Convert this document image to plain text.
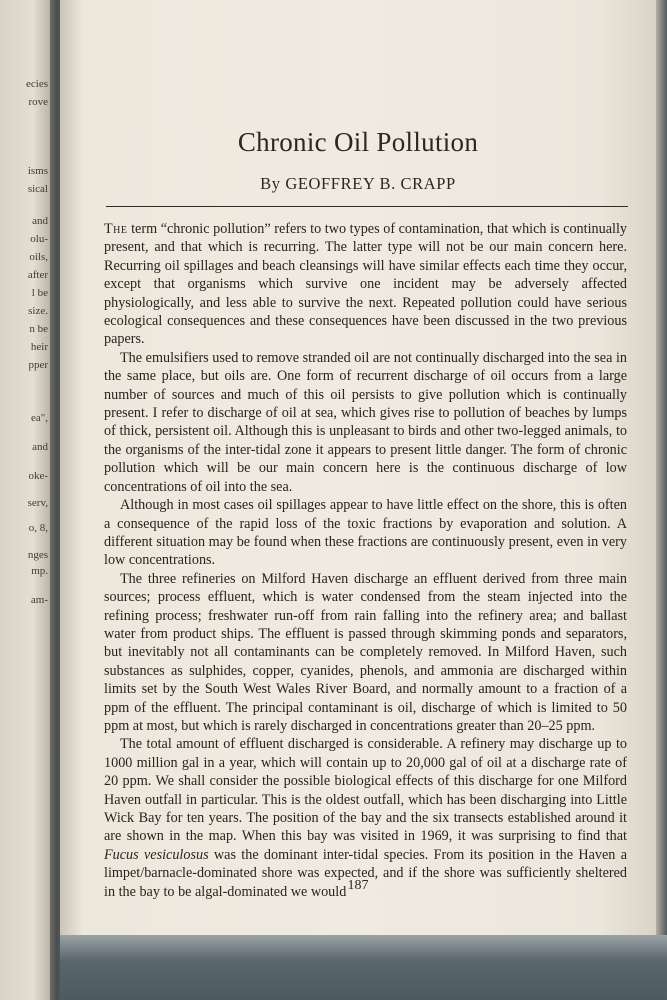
ecies
rove
isms
sical
and
olu-
oils,
after
l be
size.
n be
heir
pper
ea",
and
oke-
serv,
o, 8,
nges
mp.
am-
Chronic Oil Pollution
By GEOFFREY B. CRAPP

The term “chronic pollution” refers to two types of contamination, that which is continually present, and that which is recurring. The latter type will not be our main concern here. Recurring oil spillages and beach cleansings will have similar effects each time they occur, except that organisms which survive one incident may be adversely affected physiologically, and less able to survive the next. Repeated pollution could have serious ecological consequences and these consequences have been discussed in the two previous papers.

The emulsifiers used to remove stranded oil are not continually discharged into the sea in the same place, but oils are. One form of recurrent discharge of oil occurs from a large number of sources and much of this oil persists to give pollution which is continually present. I refer to discharge of oil at sea, which gives rise to pollution of beaches by lumps of thick, persistent oil. Although this is unpleasant to birds and other two-legged animals, to the organisms of the inter-tidal zone it appears to present little danger. The form of chronic pollution which will be our main concern here is the continuous discharge of low concentrations of oil into the sea.

Although in most cases oil spillages appear to have little effect on the shore, this is often a consequence of the rapid loss of the toxic fractions by evaporation and solution. A different situation may be found when these fractions are continuously present, even in very low concentrations.

The three refineries on Milford Haven discharge an effluent derived from three main sources; process effluent, which is water condensed from the steam injected into the refining process; freshwater run-off from rain falling into the refinery area; and ballast water from product ships. The effluent is passed through skimming ponds and separators, but inevitably not all contaminants can be completely removed. In Milford Haven, such substances as sulphides, copper, cyanides, phenols, and ammonia are discharged within limits set by the South West Wales River Board, and normally amount to a fraction of a ppm of the effluent. The principal contaminant is oil, discharge of which is limited to 50 ppm at most, but which is rarely discharged in concentrations greater than 20–25 ppm.

The total amount of effluent discharged is considerable. A refinery may discharge up to 1000 million gal in a year, which will contain up to 20,000 gal of oil at a discharge rate of 20 ppm. We shall consider the possible biological effects of this discharge for one Milford Haven outfall in particular. This is the oldest outfall, which has been discharging into Little Wick Bay for ten years. The position of the bay and the six transects established around it are shown in the map. When this bay was visited in 1969, it was surprising to find that Fucus vesiculosus was the dominant inter-tidal species. From its position in the Haven a limpet/barnacle-dominated shore was expected, and if the shore was sufficiently sheltered in the bay to be algal-dominated we would 187
